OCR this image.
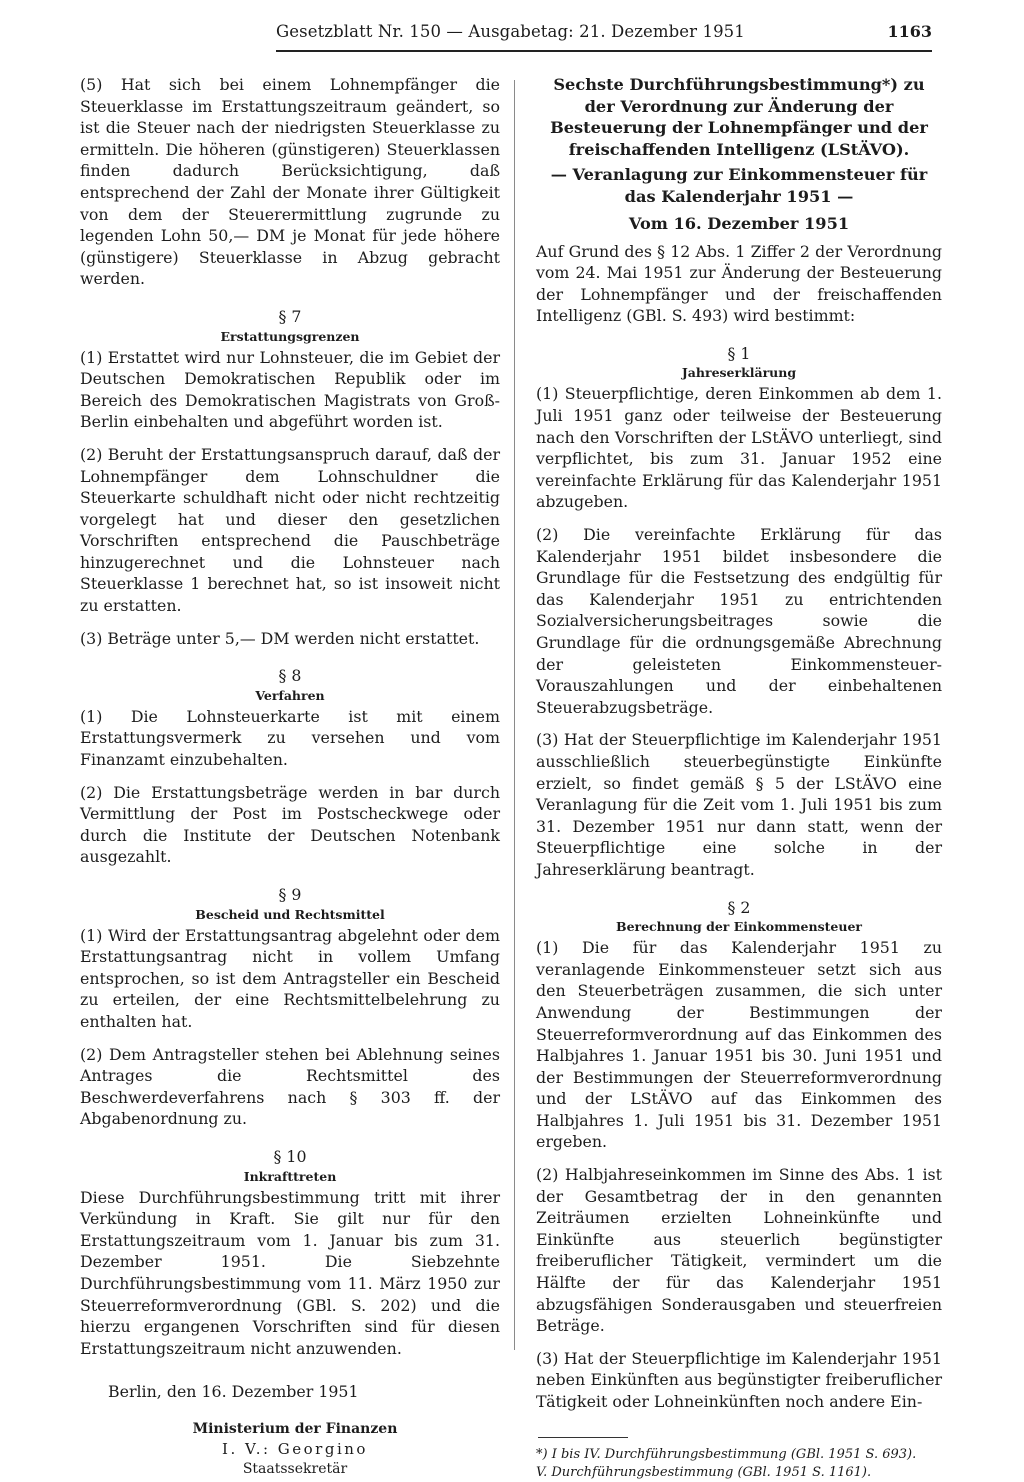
Gesetzblatt Nr. 150 — Ausgabetag: 21. Dezember 1951	1163

(5) Hat sich bei einem Lohnempfänger die Steuerklasse im Erstattungszeitraum geändert, so ist die Steuer nach der niedrigsten Steuerklasse zu ermitteln. Die höheren (günstigeren) Steuerklassen finden dadurch Berücksichtigung, daß entsprechend der Zahl der Monate ihrer Gültigkeit von dem der Steuerermittlung zugrunde zu legenden Lohn 50,— DM je Monat für jede höhere (günstigere) Steuerklasse in Abzug gebracht werden.

§ 7
Erstattungsgrenzen

(1) Erstattet wird nur Lohnsteuer, die im Gebiet der Deutschen Demokratischen Republik oder im Bereich des Demokratischen Magistrats von Groß-Berlin einbehalten und abgeführt worden ist.

(2) Beruht der Erstattungsanspruch darauf, daß der Lohnempfänger dem Lohnschuldner die Steuerkarte schuldhaft nicht oder nicht rechtzeitig vorgelegt hat und dieser den gesetzlichen Vorschriften entsprechend die Pauschbeträge hinzugerechnet und die Lohnsteuer nach Steuerklasse 1 berechnet hat, so ist insoweit nicht zu erstatten.

(3) Beträge unter 5,— DM werden nicht erstattet.

§ 8
Verfahren

(1) Die Lohnsteuerkarte ist mit einem Erstattungsvermerk zu versehen und vom Finanzamt einzubehalten.

(2) Die Erstattungsbeträge werden in bar durch Vermittlung der Post im Postscheckwege oder durch die Institute der Deutschen Notenbank ausgezahlt.

§ 9
Bescheid und Rechtsmittel

(1) Wird der Erstattungsantrag abgelehnt oder dem Erstattungsantrag nicht in vollem Umfang entsprochen, so ist dem Antragsteller ein Bescheid zu erteilen, der eine Rechtsmittelbelehrung zu enthalten hat.

(2) Dem Antragsteller stehen bei Ablehnung seines Antrages die Rechtsmittel des Beschwerdeverfahrens nach § 303 ff. der Abgabenordnung zu.

§ 10
Inkrafttreten

Diese Durchführungsbestimmung tritt mit ihrer Verkündung in Kraft. Sie gilt nur für den Erstattungszeitraum vom 1. Januar bis zum 31. Dezember 1951. Die Siebzehnte Durchführungsbestimmung vom 11. März 1950 zur Steuerreformverordnung (GBl. S. 202) und die hierzu ergangenen Vorschriften sind für diesen Erstattungszeitraum nicht anzuwenden.

Berlin, den 16. Dezember 1951
Ministerium der Finanzen
I. V.: Georgino
Staatssekretär
Sechste Durchführungsbestimmung*) zu der Verordnung zur Änderung der Besteuerung der Lohnempfänger und der freischaffenden Intelligenz (LStÄVO).
— Veranlagung zur Einkommensteuer für das Kalenderjahr 1951 —
Vom 16. Dezember 1951

Auf Grund des § 12 Abs. 1 Ziffer 2 der Verordnung vom 24. Mai 1951 zur Änderung der Besteuerung der Lohnempfänger und der freischaffenden Intelligenz (GBl. S. 493) wird bestimmt:

§ 1
Jahreserklärung

(1) Steuerpflichtige, deren Einkommen ab dem 1. Juli 1951 ganz oder teilweise der Besteuerung nach den Vorschriften der LStÄVO unterliegt, sind verpflichtet, bis zum 31. Januar 1952 eine vereinfachte Erklärung für das Kalenderjahr 1951 abzugeben.

(2) Die vereinfachte Erklärung für das Kalenderjahr 1951 bildet insbesondere die Grundlage für die Festsetzung des endgültig für das Kalenderjahr 1951 zu entrichtenden Sozialversicherungsbeitrages sowie die Grundlage für die ordnungsgemäße Abrechnung der geleisteten Einkommensteuer-Vorauszahlungen und der einbehaltenen Steuerabzugsbeträge.

(3) Hat der Steuerpflichtige im Kalenderjahr 1951 ausschließlich steuerbegünstigte Einkünfte erzielt, so findet gemäß § 5 der LStÄVO eine Veranlagung für die Zeit vom 1. Juli 1951 bis zum 31. Dezember 1951 nur dann statt, wenn der Steuerpflichtige eine solche in der Jahreserklärung beantragt.

§ 2
Berechnung der Einkommensteuer

(1) Die für das Kalenderjahr 1951 zu veranlagende Einkommensteuer setzt sich aus den Steuerbeträgen zusammen, die sich unter Anwendung der Bestimmungen der Steuerreformverordnung auf das Einkommen des Halbjahres 1. Januar 1951 bis 30. Juni 1951 und der Bestimmungen der Steuerreformverordnung und der LStÄVO auf das Einkommen des Halbjahres 1. Juli 1951 bis 31. Dezember 1951 ergeben.

(2) Halbjahreseinkommen im Sinne des Abs. 1 ist der Gesamtbetrag der in den genannten Zeiträumen erzielten Lohneinkünfte und Einkünfte aus steuerlich begünstigter freiberuflicher Tätigkeit, vermindert um die Hälfte der für das Kalenderjahr 1951 abzugsfähigen Sonderausgaben und steuerfreien Beträge.

(3) Hat der Steuerpflichtige im Kalenderjahr 1951 neben Einkünften aus begünstigter freiberuflicher Tätigkeit oder Lohneinkünften noch andere Ein-

*) I bis IV. Durchführungsbestimmung (GBl. 1951 S. 693).
V. Durchführungsbestimmung (GBl. 1951 S. 1161).
